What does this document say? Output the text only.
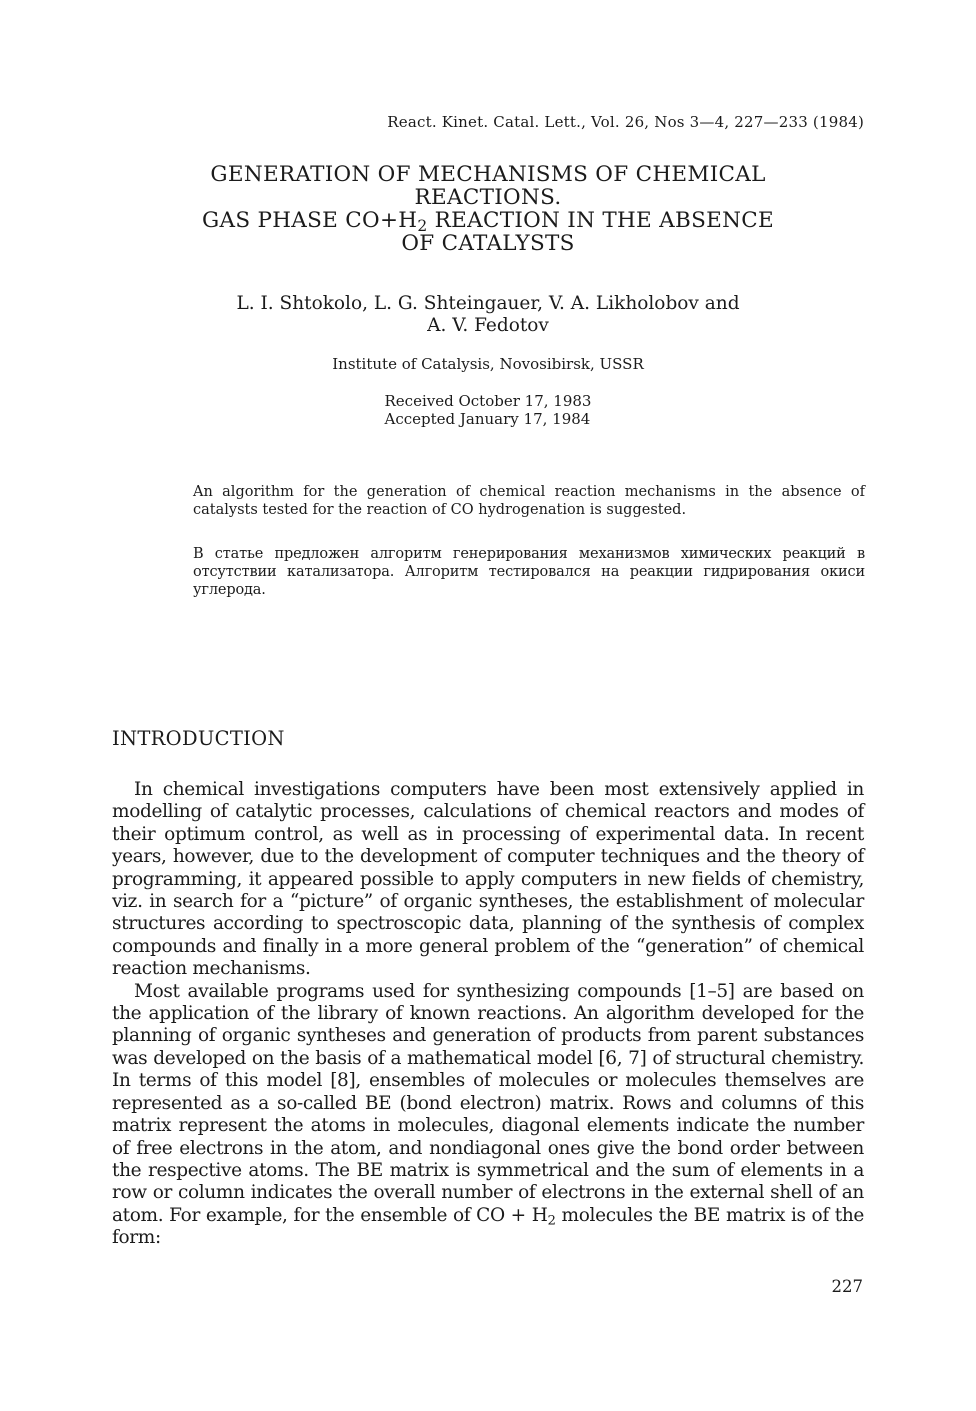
React. Kinet. Catal. Lett., Vol. 26, Nos 3—4, 227—233 (1984)
GENERATION OF MECHANISMS OF CHEMICAL
REACTIONS.
GAS PHASE $CO+H_2$ REACTION IN THE ABSENCE
OF CATALYSTS
L. I. Shtokolo, L. G. Shteingauer, V. A. Likholobov and
A. V. Fedotov
Institute of Catalysis, Novosibirsk, USSR
Received October 17, 1983
Accepted January 17, 1984
An algorithm for the generation of chemical reaction mechanisms in the absence of catalysts tested for the reaction of CO hydrogenation is suggested.
В статье предложен алгоритм генерирования механизмов химических реакций в отсутствии катализатора. Алгоритм тестировался на реакции гидрирования окиси углерода.
INTRODUCTION

In chemical investigations computers have been most extensively applied in modelling of catalytic processes, calculations of chemical reactors and modes of their optimum control, as well as in processing of experimental data. In recent years, however, due to the development of computer techniques and the theory of programming, it appeared possible to apply computers in new fields of chemistry, viz. in search for a “picture” of organic syntheses, the establishment of molecular structures according to spectroscopic data, planning of the synthesis of complex compounds and finally in a more general problem of the “generation” of chemical reaction mechanisms.

Most available programs used for synthesizing compounds [1–5] are based on the application of the library of known reactions. An algorithm developed for the planning of organic syntheses and generation of products from parent substances was developed on the basis of a mathematical model [6, 7] of structural chemistry. In terms of this model [8], ensembles of molecules or molecules themselves are represented as a so-called BE (bond electron) matrix. Rows and columns of this matrix represent the atoms in molecules, diagonal elements indicate the number of free electrons in the atom, and nondiagonal ones give the bond order between the respective atoms. The BE matrix is symmetrical and the sum of elements in a row or column indicates the overall number of electrons in the external shell of an atom. For example, for the ensemble of CO + $H_2$ molecules the BE matrix is of the form:

227
